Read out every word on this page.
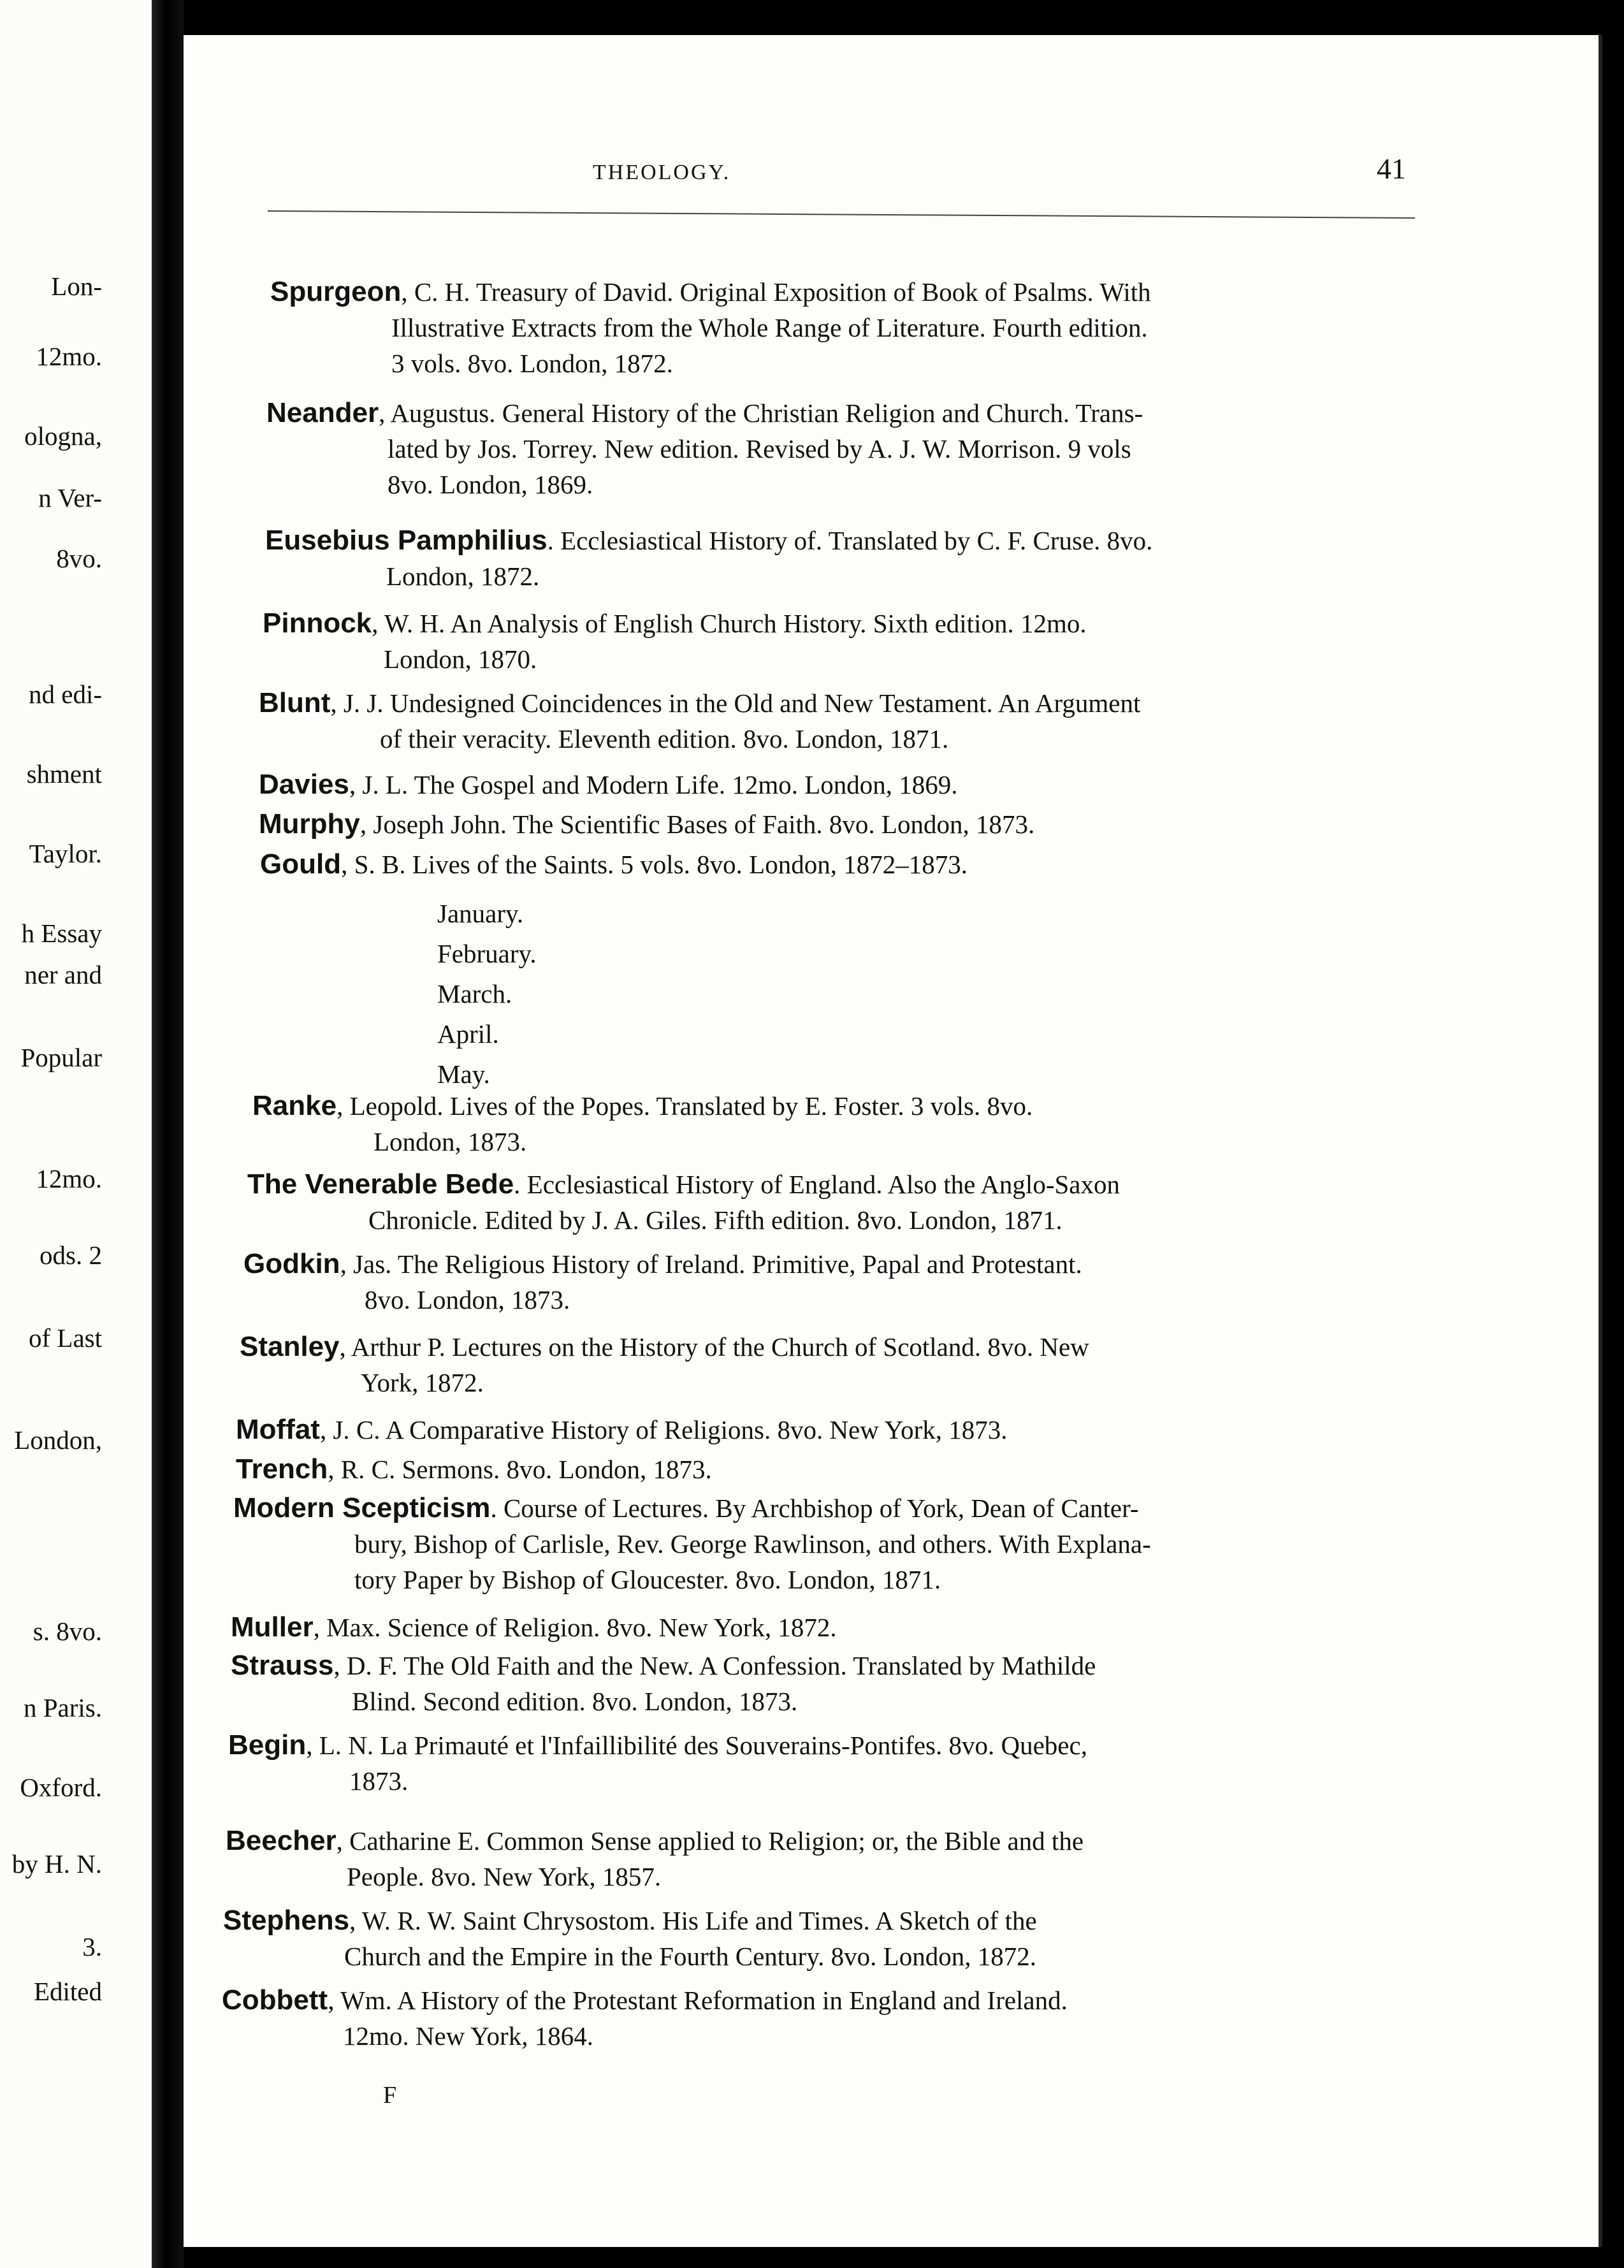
Lon-
12mo.
ologna,
n Ver-
8vo.
nd edi-
shment
Taylor.
h Essay
ner and
Popular
12mo.
ods. 2
of Last
London,
s. 8vo.
n Paris.
Oxford.
by H. N.
3.
Edited
THEOLOGY.	41
Spurgeon, C. H. Treasury of David. Original Exposition of Book of Psalms. With
Illustrative Extracts from the Whole Range of Literature. Fourth edition.
3 vols. 8vo. London, 1872.
Neander, Augustus. General History of the Christian Religion and Church. Trans-
lated by Jos. Torrey. New edition. Revised by A. J. W. Morrison. 9 vols
8vo. London, 1869.
Eusebius Pamphilius. Ecclesiastical History of. Translated by C. F. Cruse. 8vo.
London, 1872.
Pinnock, W. H. An Analysis of English Church History. Sixth edition. 12mo.
London, 1870.
Blunt, J. J. Undesigned Coincidences in the Old and New Testament. An Argument
of their veracity. Eleventh edition. 8vo. London, 1871.
Davies, J. L. The Gospel and Modern Life. 12mo. London, 1869.
Murphy, Joseph John. The Scientific Bases of Faith. 8vo. London, 1873.
Gould, S. B. Lives of the Saints. 5 vols. 8vo. London, 1872–1873.
Ranke, Leopold. Lives of the Popes. Translated by E. Foster. 3 vols. 8vo.
London, 1873.
The Venerable Bede. Ecclesiastical History of England. Also the Anglo-Saxon
Chronicle. Edited by J. A. Giles. Fifth edition. 8vo. London, 1871.
Godkin, Jas. The Religious History of Ireland. Primitive, Papal and Protestant.
8vo. London, 1873.
Stanley, Arthur P. Lectures on the History of the Church of Scotland. 8vo. New
York, 1872.
Moffat, J. C. A Comparative History of Religions. 8vo. New York, 1873.
Trench, R. C. Sermons. 8vo. London, 1873.
Modern Scepticism. Course of Lectures. By Archbishop of York, Dean of Canter-
bury, Bishop of Carlisle, Rev. George Rawlinson, and others. With Explana-
tory Paper by Bishop of Gloucester. 8vo. London, 1871.
Muller, Max. Science of Religion. 8vo. New York, 1872.
Strauss, D. F. The Old Faith and the New. A Confession. Translated by Mathilde
Blind. Second edition. 8vo. London, 1873.
Begin, L. N. La Primauté et l'Infaillibilité des Souverains-Pontifes. 8vo. Quebec,
1873.
Beecher, Catharine E. Common Sense applied to Religion; or, the Bible and the
People. 8vo. New York, 1857.
Stephens, W. R. W. Saint Chrysostom. His Life and Times. A Sketch of the
Church and the Empire in the Fourth Century. 8vo. London, 1872.
Cobbett, Wm. A History of the Protestant Reformation in England and Ireland.
12mo. New York, 1864.
January.
February.
March.
April.
May.
F
